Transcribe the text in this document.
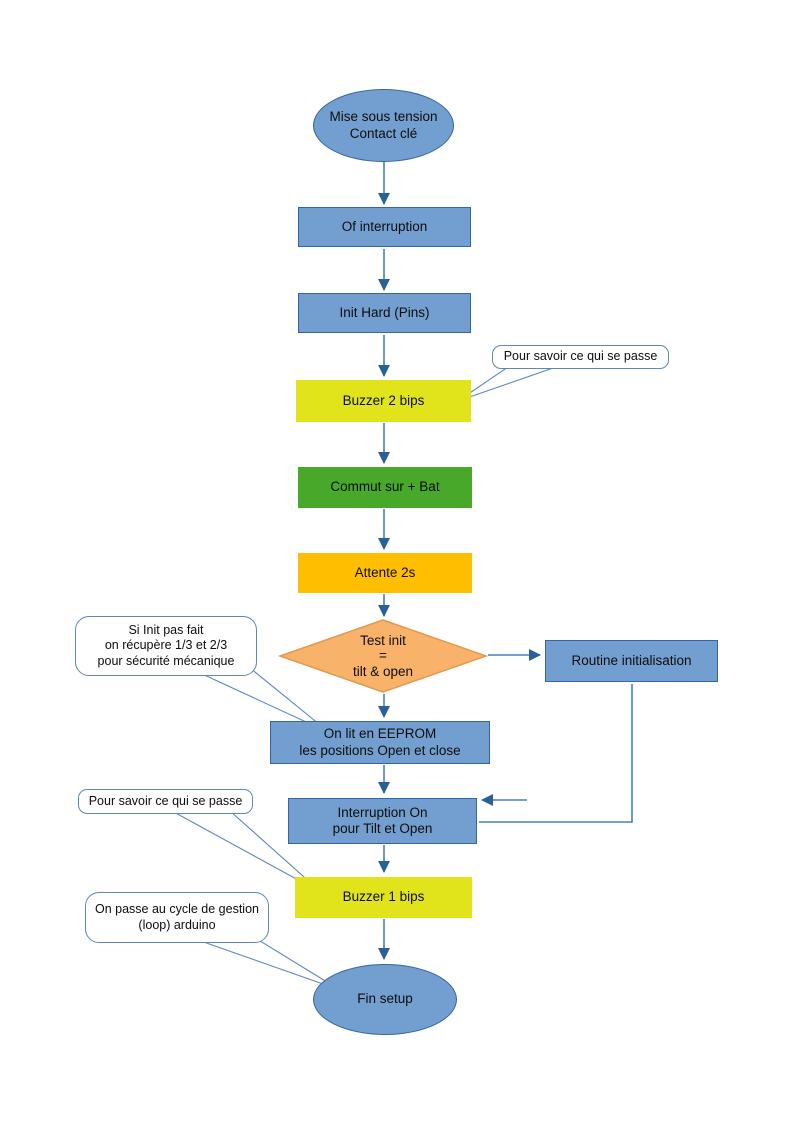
Mise sous tension
Contact clé
Of interruption
Init Hard (Pins)
Buzzer 2 bips
Commut sur + Bat
Attente 2s
Test init
=
tilt & open
Routine initialisation
On lit en EEPROM
les positions Open et close
Interruption On
pour Tilt et Open
Buzzer 1 bips
Fin setup
Pour savoir ce qui se passe
Si Init pas fait
on récupère 1/3 et 2/3
pour sécurité mécanique
Pour savoir ce qui se passe
On passe au cycle de gestion
(loop) arduino
